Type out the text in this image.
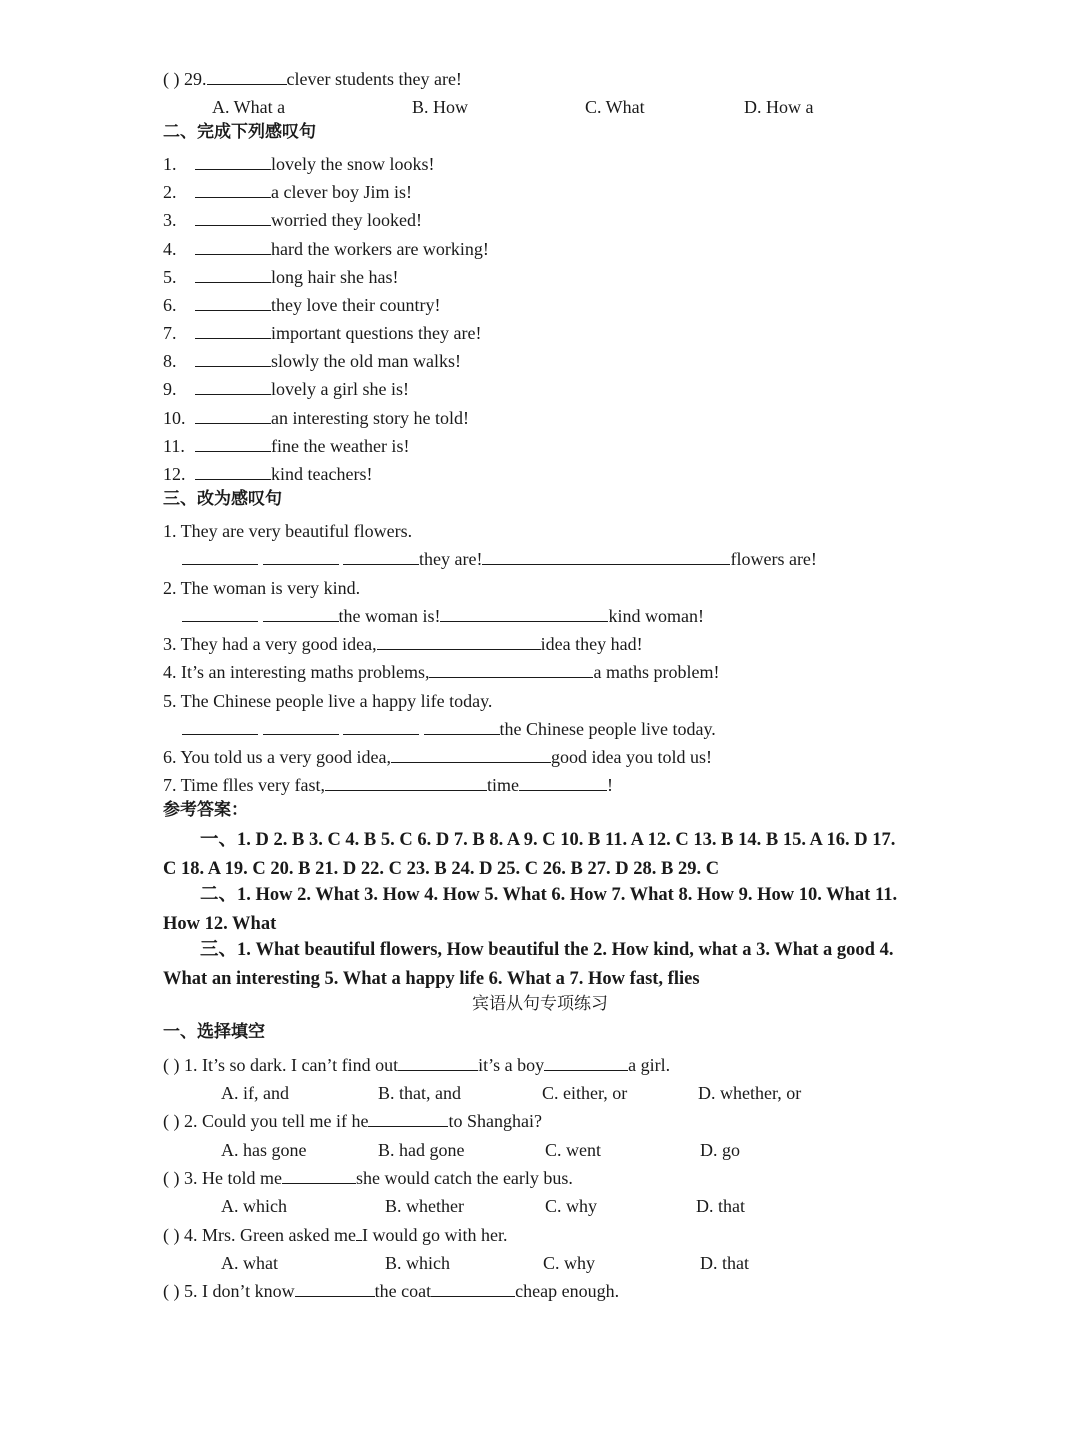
( ) 29.	clever students they are!
A. What a	B. How	C. What	D. How a
二、完成下列感叹句
1.	lovely the snow looks!
2.	a clever boy Jim is!
3.	worried they looked!
4.	hard the workers are working!
5.	long hair she has!
6.	they love their country!
7.	important questions they are!
8.	slowly the old man walks!
9.	lovely a girl she is!
10.	an interesting story he told!
11.	fine the weather is!
12.	kind teachers!
三、改为感叹句
1. They are very beautiful flowers.
they are!	flowers are!
2. The woman is very kind.
the woman is!	kind woman!
3. They had a very good idea,	idea they had!
4. It’s an interesting maths problems,	a maths problem!
5. The Chinese people live a happy life today.
the Chinese people live today.
6. You told us a very good idea,	good idea you told us!
7. Time flles very fast,	time	!
参考答案：
一、1. D 2. B 3. C 4. B 5. C 6. D 7. B 8. A 9. C 10. B 11. A 12. C 13. B 14. B 15. A 16. D 17.
C 18. A 19. C 20. B 21. D 22. C 23. B 24. D 25. C 26. B 27. D 28. B 29. C
二、1. How 2. What 3. How 4. How 5. What 6. How 7. What 8. How 9. How 10. What 11.
How 12. What
三、1. What beautiful flowers, How beautiful the 2. How kind, what a 3. What a good 4.
What an interesting 5. What a happy life 6. What a 7. How fast, flies
宾语从句专项练习
一、选择填空
( ) 1. It’s so dark. I can’t find out	it’s a boy	a girl.
A. if, and	B. that, and	C. either, or	D. whether, or
( ) 2. Could you tell me if he	to Shanghai?
A. has gone	B. had gone	C. went	D. go
( ) 3. He told me	she would catch the early bus.
A. which	B. whether	C. why	D. that
( ) 4. Mrs. Green asked me I would go with her.
A. what	B. which	C. why	D. that
( ) 5. I don’t know	the coat	cheap enough.
